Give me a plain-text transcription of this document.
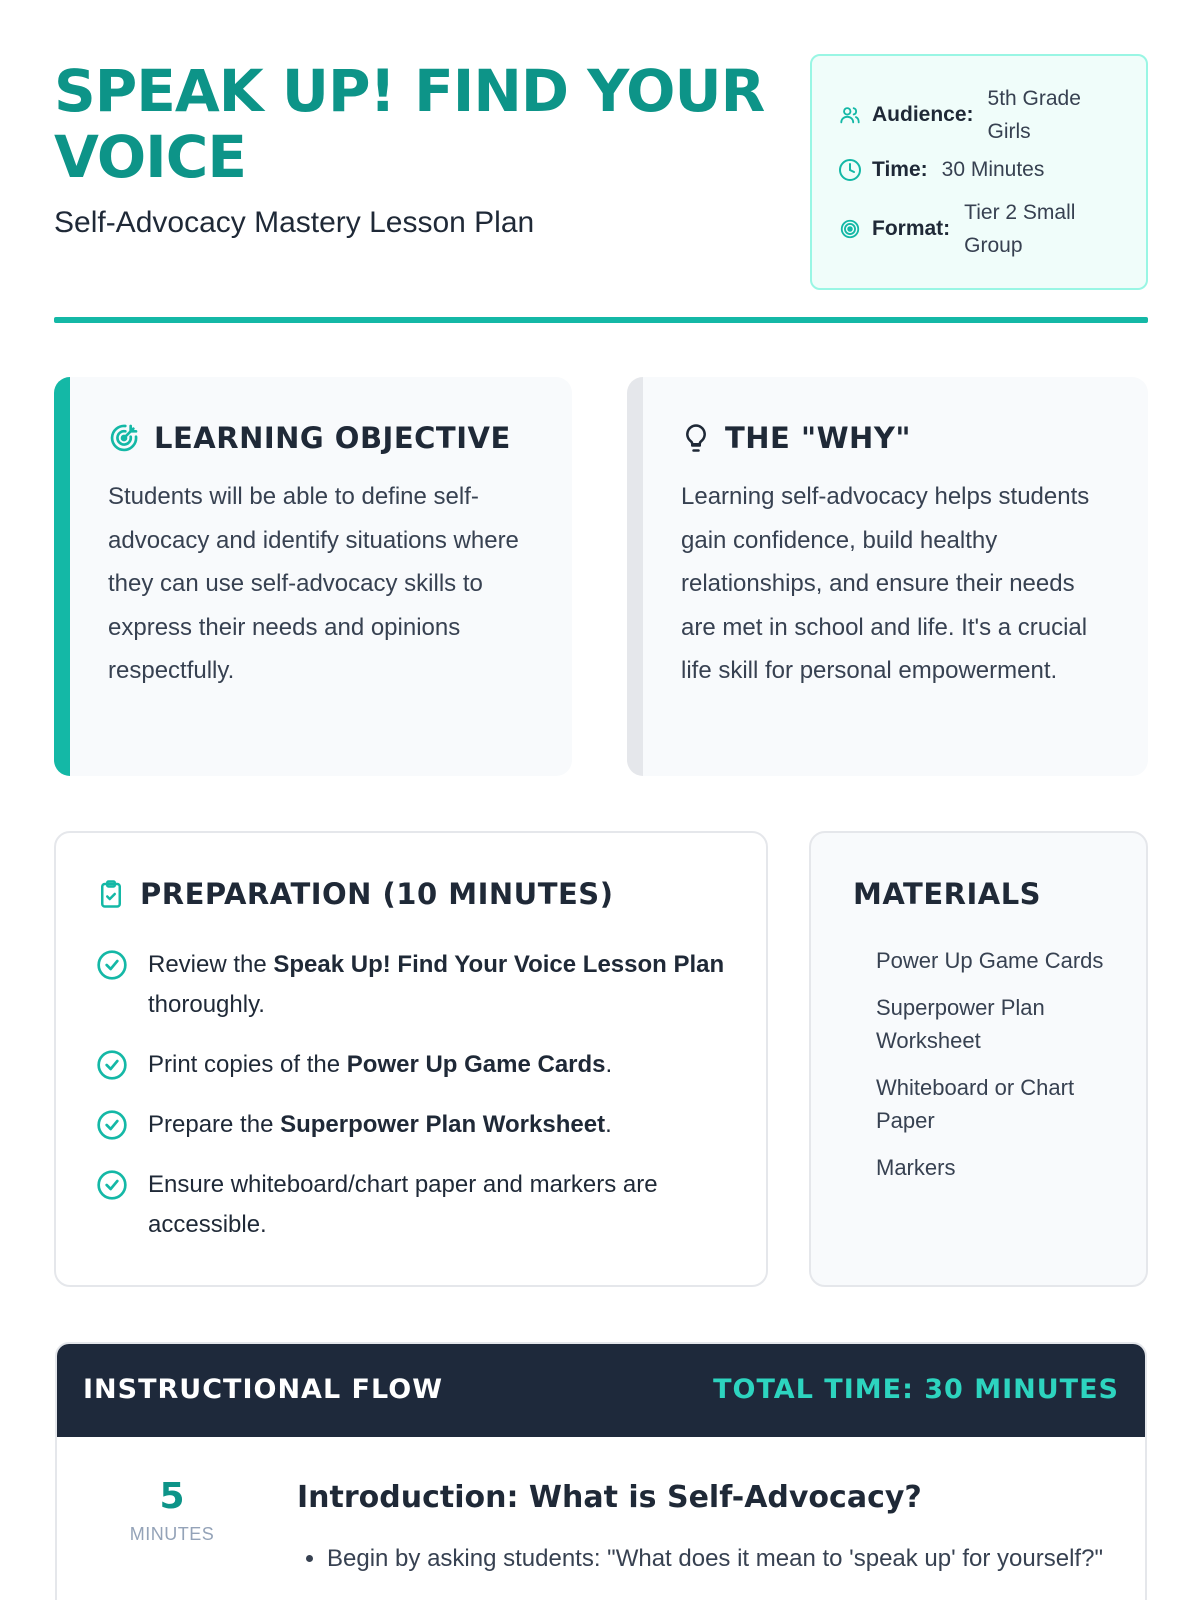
SPEAK UP! FIND YOUR VOICE
Self-Advocacy Mastery Lesson Plan
Audience:
5th Grade Girls
Time: 30 Minutes
Format:
Tier 2 Small Group
LEARNING OBJECTIVE
Students will be able to define self-advocacy and identify situations where they can use self-advocacy skills to express their needs and opinions respectfully.
THE "WHY"
Learning self-advocacy helps students gain confidence, build healthy relationships, and ensure their needs are met in school and life. It's a crucial life skill for personal empowerment.
PREPARATION (10 MINUTES)
Review the Speak Up! Find Your Voice Lesson Plan thoroughly.
Print copies of the Power Up Game Cards.
Prepare the Superpower Plan Worksheet.
Ensure whiteboard/chart paper and markers are accessible.
MATERIALS
Power Up Game Cards
Superpower Plan Worksheet
Whiteboard or Chart Paper
Markers
INSTRUCTIONAL FLOW	TOTAL TIME: 30 MINUTES
5
MINUTES
Introduction: What is Self-Advocacy?
• Begin by asking students: "What does it mean to 'speak up' for yourself?"
